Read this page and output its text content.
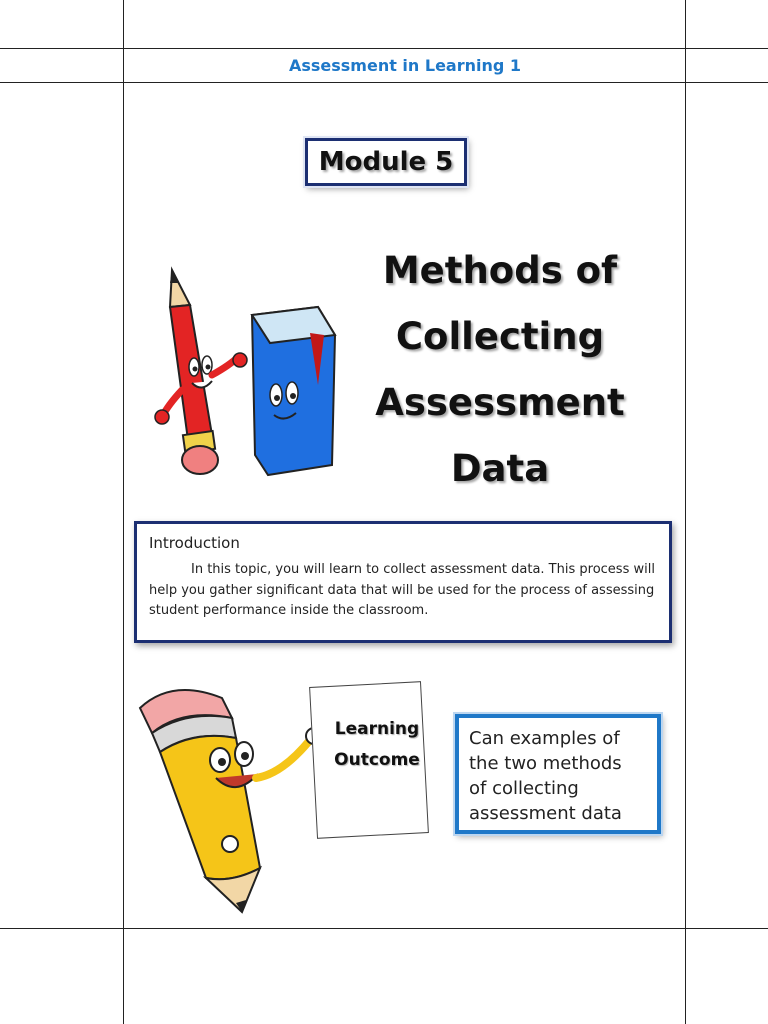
Assessment in Learning 1
Module 5
Methods of
Collecting
Assessment
Data

Introduction

In this topic, you will learn to collect assessment data. This process will help you gather significant data that will be used for the process of assessing student performance inside the classroom.

Learning
Outcome
Can examples of
the two methods
of collecting
assessment data
